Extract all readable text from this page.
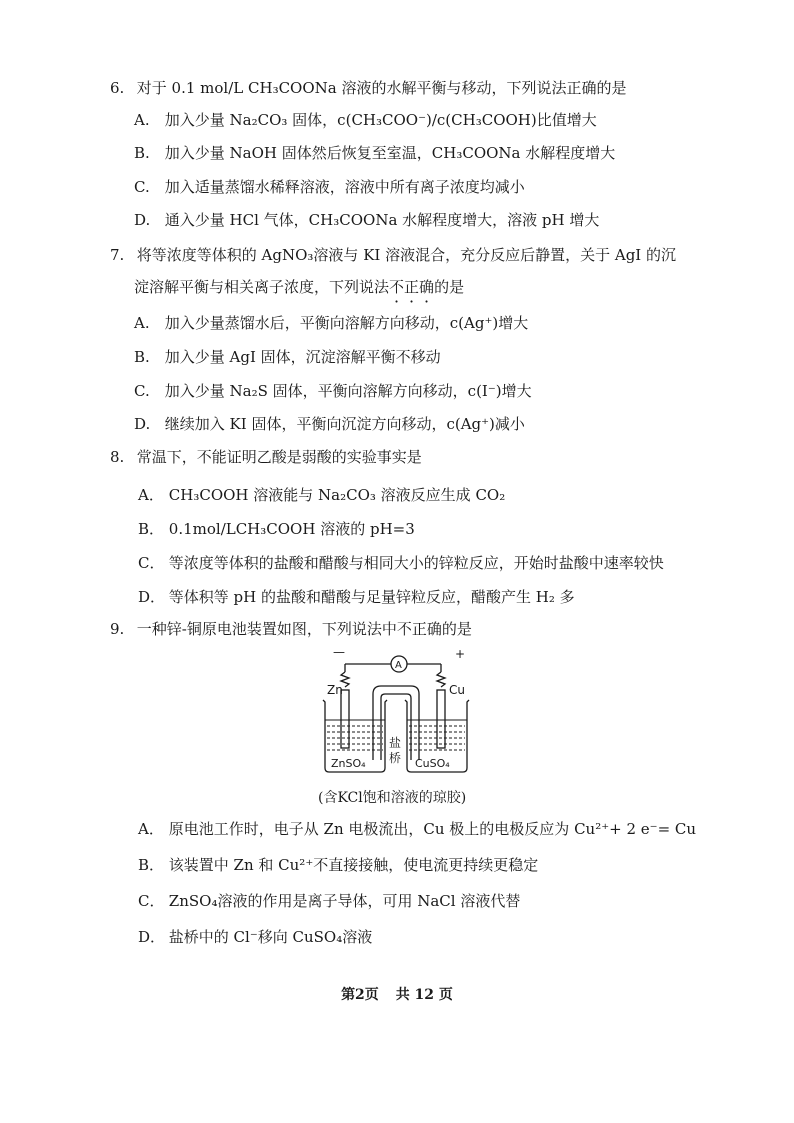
6. 对于 0.1 mol/L CH₃COONa 溶液的水解平衡与移动，下列说法正确的是
A. 加入少量 Na₂CO₃ 固体，c(CH₃COO⁻)/c(CH₃COOH)比值增大
B. 加入少量 NaOH 固体然后恢复至室温，CH₃COONa 水解程度增大
C. 加入适量蒸馏水稀释溶液，溶液中所有离子浓度均减小
D. 通入少量 HCl 气体，CH₃COONa 水解程度增大，溶液 pH 增大
7. 将等浓度等体积的 AgNO₃溶液与 KI 溶液混合，充分反应后静置，关于 AgI 的沉
淀溶解平衡与相关离子浓度，下列说法不正确的是
A. 加入少量蒸馏水后，平衡向溶解方向移动，c(Ag⁺)增大
B. 加入少量 AgI 固体，沉淀溶解平衡不移动
C. 加入少量 Na₂S 固体，平衡向溶解方向移动，c(I⁻)增大
D. 继续加入 KI 固体，平衡向沉淀方向移动，c(Ag⁺)减小
8. 常温下，不能证明乙酸是弱酸的实验事实是
A． CH₃COOH 溶液能与 Na₂CO₃ 溶液反应生成 CO₂
B． 0.1mol/LCH₃COOH 溶液的 pH=3
C． 等浓度等体积的盐酸和醋酸与相同大小的锌粒反应，开始时盐酸中速率较快
D． 等体积等 pH 的盐酸和醋酸与足量锌粒反应，醋酸产生 H₂ 多
9. 一种锌-铜原电池装置如图，下列说法中不正确的是
—	+
A
Zn	Cu
盐
桥
ZnSO₄	CuSO₄
(含KCl饱和溶液的琼胶)
A． 原电池工作时，电子从 Zn 电极流出，Cu 极上的电极反应为 Cu²⁺+ 2 e⁻= Cu
B． 该装置中 Zn 和 Cu²⁺不直接接触，使电流更持续更稳定
C． ZnSO₄溶液的作用是离子导体，可用 NaCl 溶液代替
D． 盐桥中的 Cl⁻移向 CuSO₄溶液
第2页 共 12 页
